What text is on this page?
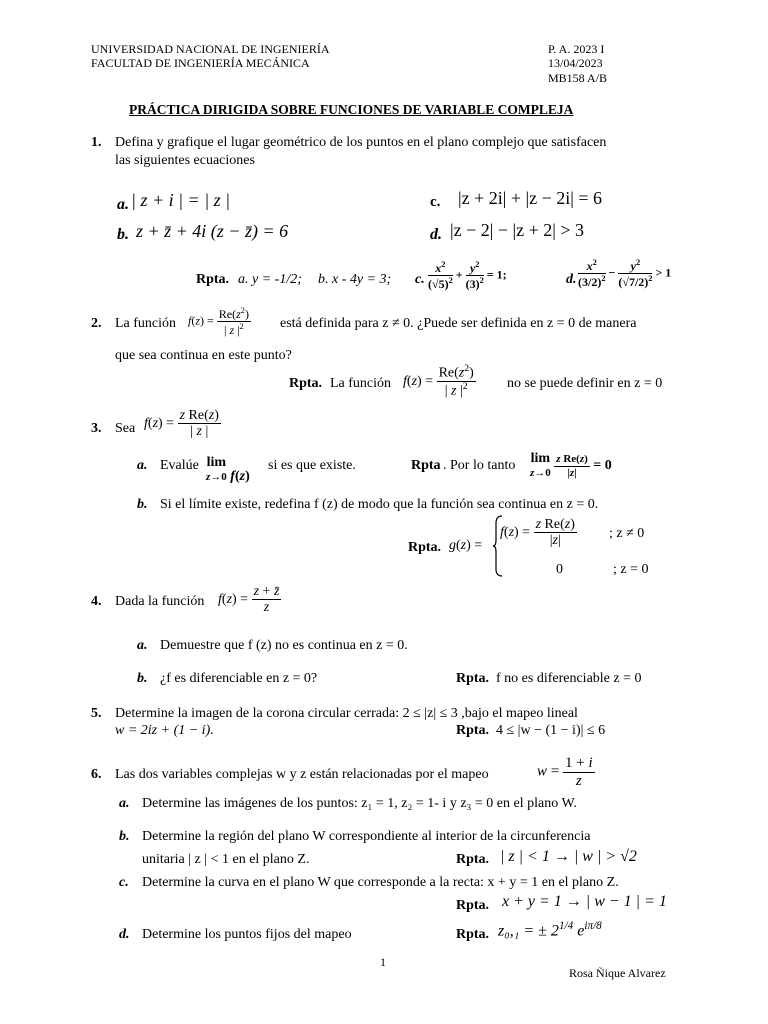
UNIVERSIDAD NACIONAL DE INGENIERÍA
FACULTAD DE INGENIERÍA MECÁNICA
P. A. 2023 I
13/04/2023
MB158 A/B
PRÁCTICA DIRIGIDA SOBRE FUNCIONES DE VARIABLE COMPLEJA
1. Defina y grafique el lugar geométrico de los puntos en el plano complejo que satisfacen
las siguientes ecuaciones
a. | z + i | = | z |
b. z + z̄ + 4i (z − z̄) = 6
c. |z + 2i| + |z − 2i| = 6
d. |z − 2| − |z + 2| > 3
Rpta. a. y = -1/2; b. x - 4y = 3; c. $\frac{x^2}{(√5)^2} + \frac{y^2}{(3)^2} = 1$;	d. $\frac{x^2}{(3/2)^2} - \frac{y^2}{(√7/2)^2} > 1$
2. La función $f(z) = \frac{Re(z^2)}{| z |^2}$ está definida para z ≠ 0. ¿Puede ser definida en z = 0 de manera
que sea continua en este punto?
Rpta. La función $f(z) = \frac{Re(z^2)}{| z |^2}$ no se puede definir en z = 0
3. Sea $f(z) = \frac{\text{z Re(z)}}{| z |}$
a. Evalúe lim
z→0 f(z)
si es que existe.	Rpta . Por lo tanto lim
$z\to 0 \frac{\text{z Re(z)}}{|z|} = 0$
b. Si el límite existe, redefina f (z) de modo que la función sea continua en z = 0.
Rpta. g(z) =
$f(z) = \frac{\text{z Re(z)}}{|z|}$ ; z ≠ 0
0	; z = 0
4. Dada la función $f(z) = \frac{z + z̄}{z}$
a. Demuestre que f (z) no es continua en z = 0.
b. ¿f es diferenciable en z = 0?	Rpta. f no es diferenciable z = 0
5. Determine la imagen de la corona circular cerrada: 2 ≤ |z| ≤ 3 ,bajo el mapeo lineal
w = 2iz + (1 − i).	Rpta. 4 ≤ |w − (1 − i)| ≤ 6
6. Las dos variables complejas w y z están relacionadas por el mapeo	$w = \frac{1 + i}{z}$
a. Determine las imágenes de los puntos: z₁ = 1, z₂ = 1- i y z₃ = 0 en el plano W.
b. Determine la región del plano W correspondiente al interior de la circunferencia
unitaria | z | < 1 en el plano Z.	Rpta. | z | < 1 → | w | > √2
c. Determine la curva en el plano W que corresponde a la recta: x + y = 1 en el plano Z.
Rpta. x + y = 1 → | w − 1 | = 1
d. Determine los puntos fijos del mapeo	Rpta. z₀,₁ = ± $2^{1/4}$ $e^{i\pi/8}$
1
Rosa Ñique Alvarez
